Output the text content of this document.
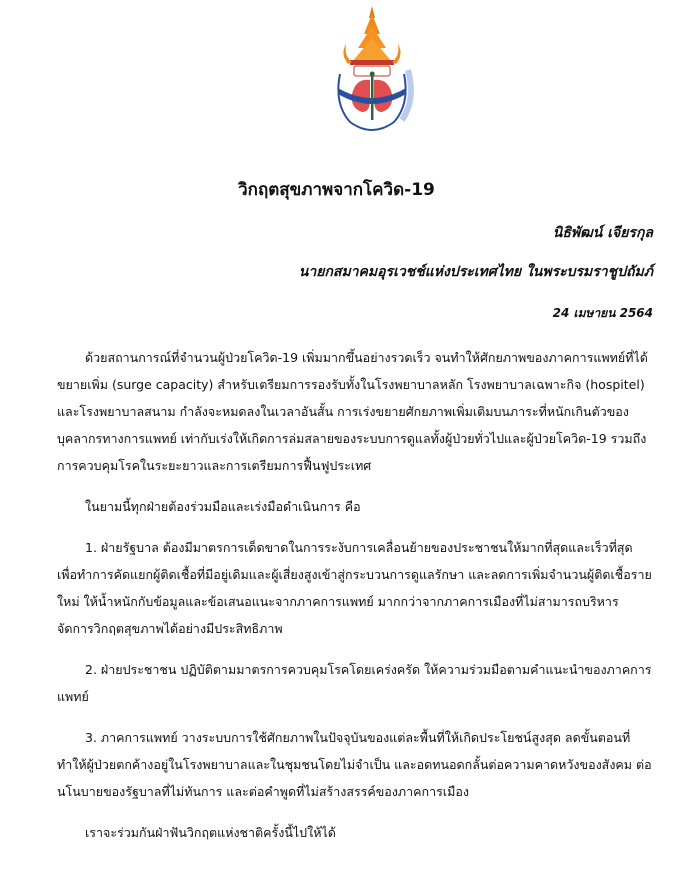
วิกฤตสุขภาพจากโควิด-19
นิธิพัฒน์ เจียรกุล
นายกสมาคมอุรเวชช์แห่งประเทศไทย ในพระบรมราชูปถัมภ์
24 เมษายน 2564

ด้วยสถานการณ์ที่จำนวนผู้ป่วยโควิด-19 เพิ่มมากขึ้นอย่างรวดเร็ว จนทำให้ศักยภาพของภาคการแพทย์ที่ได้ขยายเพิ่ม (surge capacity) สำหรับเตรียมการรองรับทั้งในโรงพยาบาลหลัก โรงพยาบาลเฉพาะกิจ (hospitel) และโรงพยาบาลสนาม กำลังจะหมดลงในเวลาอันสั้น การเร่งขยายศักยภาพเพิ่มเติมบนภาระที่หนักเกินตัวของบุคลากรทางการแพทย์ เท่ากับเร่งให้เกิดการล่มสลายของระบบการดูแลทั้งผู้ป่วยทั่วไปและผู้ป่วยโควิด-19 รวมถึงการควบคุมโรคในระยะยาวและการเตรียมการฟื้นฟูประเทศ

ในยามนี้ทุกฝ่ายต้องร่วมมือและเร่งมือดำเนินการ คือ

1. ฝ่ายรัฐบาล ต้องมีมาตรการเด็ดขาดในการระงับการเคลื่อนย้ายของประชาชนให้มากที่สุดและเร็วที่สุด เพื่อทำการคัดแยกผู้ติดเชื้อที่มีอยู่เดิมและผู้เสี่ยงสูงเข้าสู่กระบวนการดูแลรักษา และลดการเพิ่มจำนวนผู้ติดเชื้อรายใหม่ ให้น้ำหนักกับข้อมูลและข้อเสนอแนะจากภาคการแพทย์ มากกว่าจากภาคการเมืองที่ไม่สามารถบริหารจัดการวิกฤตสุขภาพได้อย่างมีประสิทธิภาพ

2. ฝ่ายประชาชน ปฏิบัติตามมาตรการควบคุมโรคโดยเคร่งครัด ให้ความร่วมมือตามคำแนะนำของภาคการแพทย์

3. ภาคการแพทย์ วางระบบการใช้ศักยภาพในปัจจุบันของแต่ละพื้นที่ให้เกิดประโยชน์สูงสุด ลดขั้นตอนที่ทำให้ผู้ป่วยตกค้างอยู่ในโรงพยาบาลและในชุมชนโดยไม่จำเป็น และอดทนอดกลั้นต่อความคาดหวังของสังคม ต่อนโนบายของรัฐบาลที่ไม่ทันการ และต่อคำพูดที่ไม่สร้างสรรค์ของภาคการเมือง

เราจะร่วมกันฝ่าฟันวิกฤตแห่งชาติครั้งนี้ไปให้ได้
